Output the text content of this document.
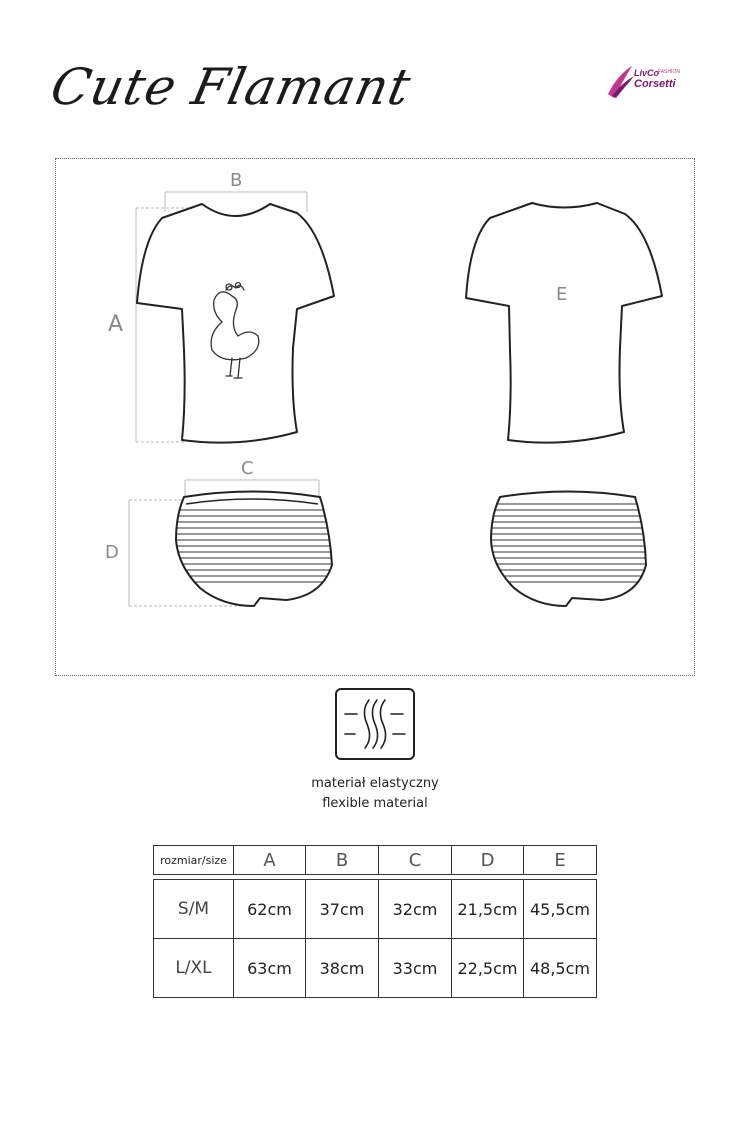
Cute Flamant	LivCo
FASHION
Corsetti
B
A
E
C
D
materiał elastyczny
flexible material
rozmiar/size	A	B	C	D	E

S/M	62cm	37cm	32cm	21,5cm	45,5cm
L/XL	63cm	38cm	33cm	22,5cm	48,5cm
